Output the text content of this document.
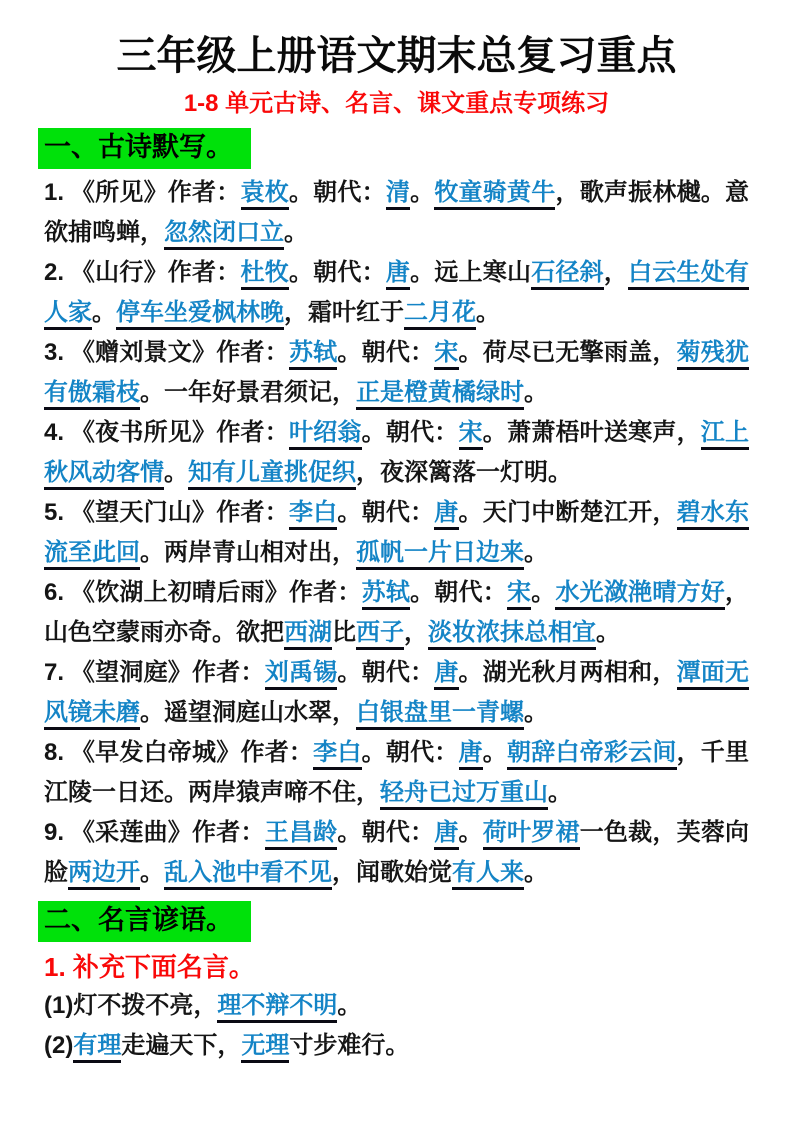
三年级上册语文期末总复习重点
1-8 单元古诗、名言、课文重点专项练习
一、古诗默写。
1. 《所见》作者：袁枚。朝代：清。牧童骑黄牛，歌声振林樾。意欲捕鸣蝉，忽然闭口立。
2. 《山行》作者：杜牧。朝代：唐。远上寒山石径斜，白云生处有人家。停车坐爱枫林晚，霜叶红于二月花。
3. 《赠刘景文》作者：苏轼。朝代：宋。荷尽已无擎雨盖，菊残犹有傲霜枝。一年好景君须记，正是橙黄橘绿时。
4. 《夜书所见》作者：叶绍翁。朝代：宋。萧萧梧叶送寒声，江上秋风动客情。知有儿童挑促织，夜深篱落一灯明。
5. 《望天门山》作者：李白。朝代：唐。天门中断楚江开，碧水东流至此回。两岸青山相对出，孤帆一片日边来。
6. 《饮湖上初晴后雨》作者：苏轼。朝代：宋。水光潋滟晴方好，山色空蒙雨亦奇。欲把西湖比西子，淡妆浓抹总相宜。
7. 《望洞庭》作者：刘禹锡。朝代：唐。湖光秋月两相和，潭面无风镜未磨。遥望洞庭山水翠，白银盘里一青螺。
8. 《早发白帝城》作者：李白。朝代：唐。朝辞白帝彩云间，千里江陵一日还。两岸猿声啼不住，轻舟已过万重山。
9. 《采莲曲》作者：王昌龄。朝代：唐。荷叶罗裙一色裁，芙蓉向脸两边开。乱入池中看不见，闻歌始觉有人来。
二、名言谚语。
1. 补充下面名言。
(1)灯不拨不亮，理不辩不明。
(2)有理走遍天下，无理寸步难行。
